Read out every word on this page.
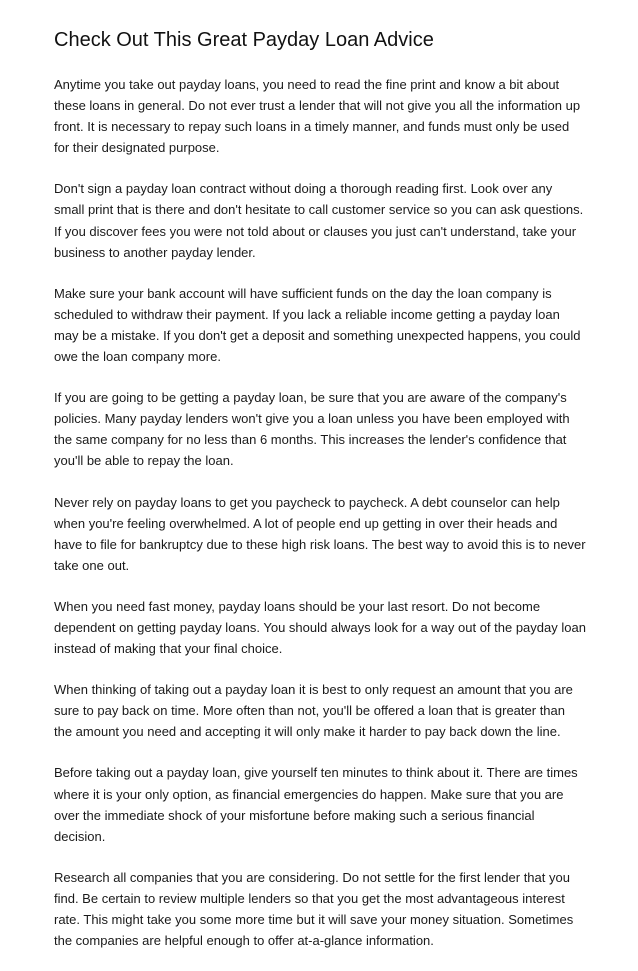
Check Out This Great Payday Loan Advice

Anytime you take out payday loans, you need to read the fine print and know a bit about these loans in general. Do not ever trust a lender that will not give you all the information up front. It is necessary to repay such loans in a timely manner, and funds must only be used for their designated purpose.

Don't sign a payday loan contract without doing a thorough reading first. Look over any small print that is there and don't hesitate to call customer service so you can ask questions. If you discover fees you were not told about or clauses you just can't understand, take your business to another payday lender.

Make sure your bank account will have sufficient funds on the day the loan company is scheduled to withdraw their payment. If you lack a reliable income getting a payday loan may be a mistake. If you don't get a deposit and something unexpected happens, you could owe the loan company more.

If you are going to be getting a payday loan, be sure that you are aware of the company's policies. Many payday lenders won't give you a loan unless you have been employed with the same company for no less than 6 months. This increases the lender's confidence that you'll be able to repay the loan.

Never rely on payday loans to get you paycheck to paycheck. A debt counselor can help when you're feeling overwhelmed. A lot of people end up getting in over their heads and have to file for bankruptcy due to these high risk loans. The best way to avoid this is to never take one out.

When you need fast money, payday loans should be your last resort. Do not become dependent on getting payday loans. You should always look for a way out of the payday loan instead of making that your final choice.

When thinking of taking out a payday loan it is best to only request an amount that you are sure to pay back on time. More often than not, you'll be offered a loan that is greater than the amount you need and accepting it will only make it harder to pay back down the line.

Before taking out a payday loan, give yourself ten minutes to think about it. There are times where it is your only option, as financial emergencies do happen. Make sure that you are over the immediate shock of your misfortune before making such a serious financial decision.

Research all companies that you are considering. Do not settle for the first lender that you find. Be certain to review multiple lenders so that you get the most advantageous interest rate. This might take you some more time but it will save your money situation. Sometimes the companies are helpful enough to offer at-a-glance information.
